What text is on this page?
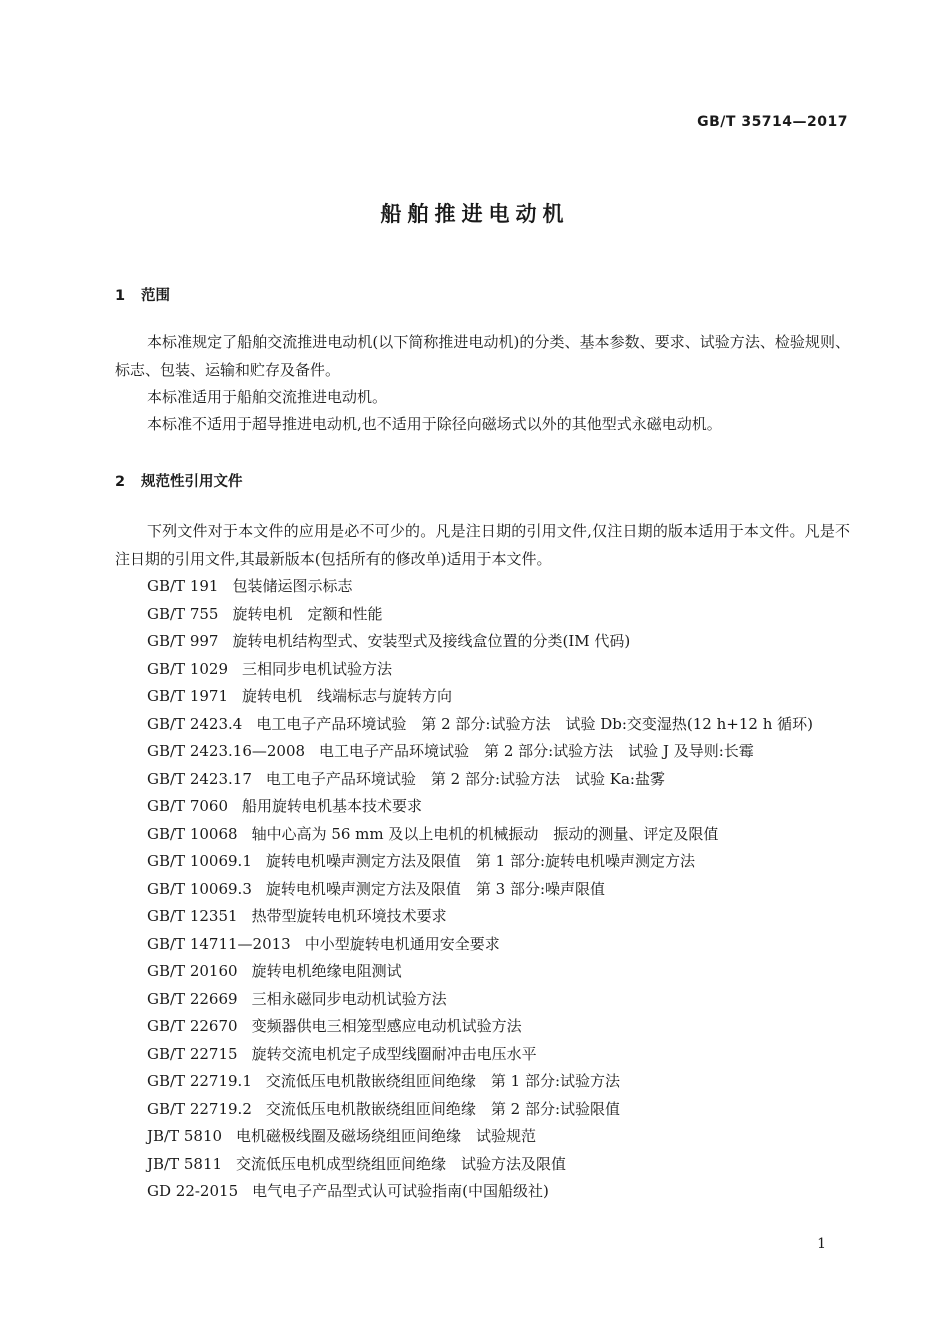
GB/T 35714—2017
船舶推进电动机
1 范围
本标准规定了船舶交流推进电动机(以下简称推进电动机)的分类、基本参数、要求、试验方法、检验规则、标志、包装、运输和贮存及备件。
本标准适用于船舶交流推进电动机。
本标准不适用于超导推进电动机,也不适用于除径向磁场式以外的其他型式永磁电动机。
2 规范性引用文件
下列文件对于本文件的应用是必不可少的。凡是注日期的引用文件,仅注日期的版本适用于本文件。凡是不注日期的引用文件,其最新版本(包括所有的修改单)适用于本文件。
GB/T 191 包装储运图示标志
GB/T 755 旋转电机　定额和性能
GB/T 997 旋转电机结构型式、安装型式及接线盒位置的分类(IM 代码)
GB/T 1029 三相同步电机试验方法
GB/T 1971 旋转电机　线端标志与旋转方向
GB/T 2423.4 电工电子产品环境试验　第 2 部分:试验方法　试验 Db:交变湿热(12 h+12 h 循环)
GB/T 2423.16—2008 电工电子产品环境试验　第 2 部分:试验方法　试验 J 及导则:长霉
GB/T 2423.17 电工电子产品环境试验　第 2 部分:试验方法　试验 Ka:盐雾
GB/T 7060 船用旋转电机基本技术要求
GB/T 10068 轴中心高为 56 mm 及以上电机的机械振动　振动的测量、评定及限值
GB/T 10069.1 旋转电机噪声测定方法及限值　第 1 部分:旋转电机噪声测定方法
GB/T 10069.3 旋转电机噪声测定方法及限值　第 3 部分:噪声限值
GB/T 12351 热带型旋转电机环境技术要求
GB/T 14711—2013 中小型旋转电机通用安全要求
GB/T 20160 旋转电机绝缘电阻测试
GB/T 22669 三相永磁同步电动机试验方法
GB/T 22670 变频器供电三相笼型感应电动机试验方法
GB/T 22715 旋转交流电机定子成型线圈耐冲击电压水平
GB/T 22719.1 交流低压电机散嵌绕组匝间绝缘　第 1 部分:试验方法
GB/T 22719.2 交流低压电机散嵌绕组匝间绝缘　第 2 部分:试验限值
JB/T 5810 电机磁极线圈及磁场绕组匝间绝缘　试验规范
JB/T 5811 交流低压电机成型绕组匝间绝缘　试验方法及限值
GD 22-2015 电气电子产品型式认可试验指南(中国船级社)
1
